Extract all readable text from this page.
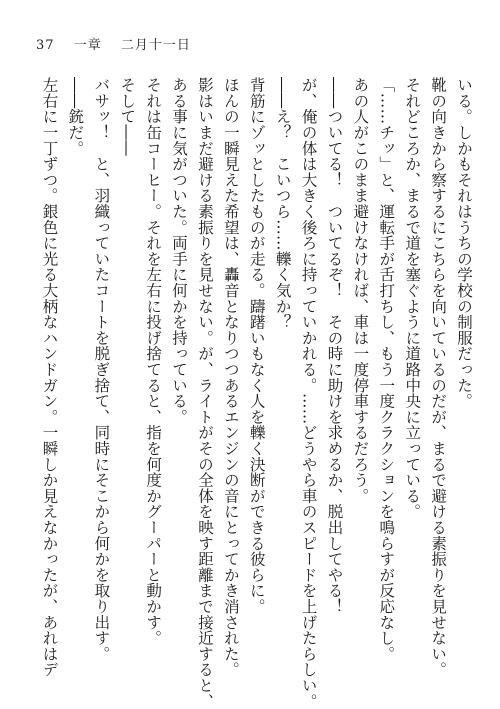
37 一章 二月十一日
いる。しかもそれはうちの学校の制服だった。
靴の向きから察するにこちらを向いているのだが、まるで避ける素振りを見せない。
それどころか、まるで道を塞ぐように道路中央に立っている。
「……チッ」と、運転手が舌打ちし、もう一度クラクションを鳴らすが反応なし。
あの人がこのまま避けなければ、車は一度停車するだろう。
――ついてる！　ついてるぞ！　その時に助けを求めるか、脱出してやる！
が、俺の体は大きく後ろに持っていかれる。……どうやら車のスピードを上げたらしい。
――え？　こいつら……轢く気か？
背筋にゾッとしたものが走る。躊躇いもなく人を轢く決断ができる彼らに。
ほんの一瞬見えた希望は、轟音となりつつあるエンジンの音にとってかき消された。
影はいまだ避ける素振りを見せない。が、ライトがその全体を映す距離まで接近すると、
ある事に気がついた。両手に何かを持っている。
それは缶コーヒー。それを左右に投げ捨てると、指を何度かグーパーと動かす。
そして――
バサッ！　と、羽織っていたコートを脱ぎ捨て、同時にそこから何かを取り出す。
――銃だ。
左右に一丁ずつ。銀色に光る大柄なハンドガン。一瞬しか見えなかったが、あれはデ
